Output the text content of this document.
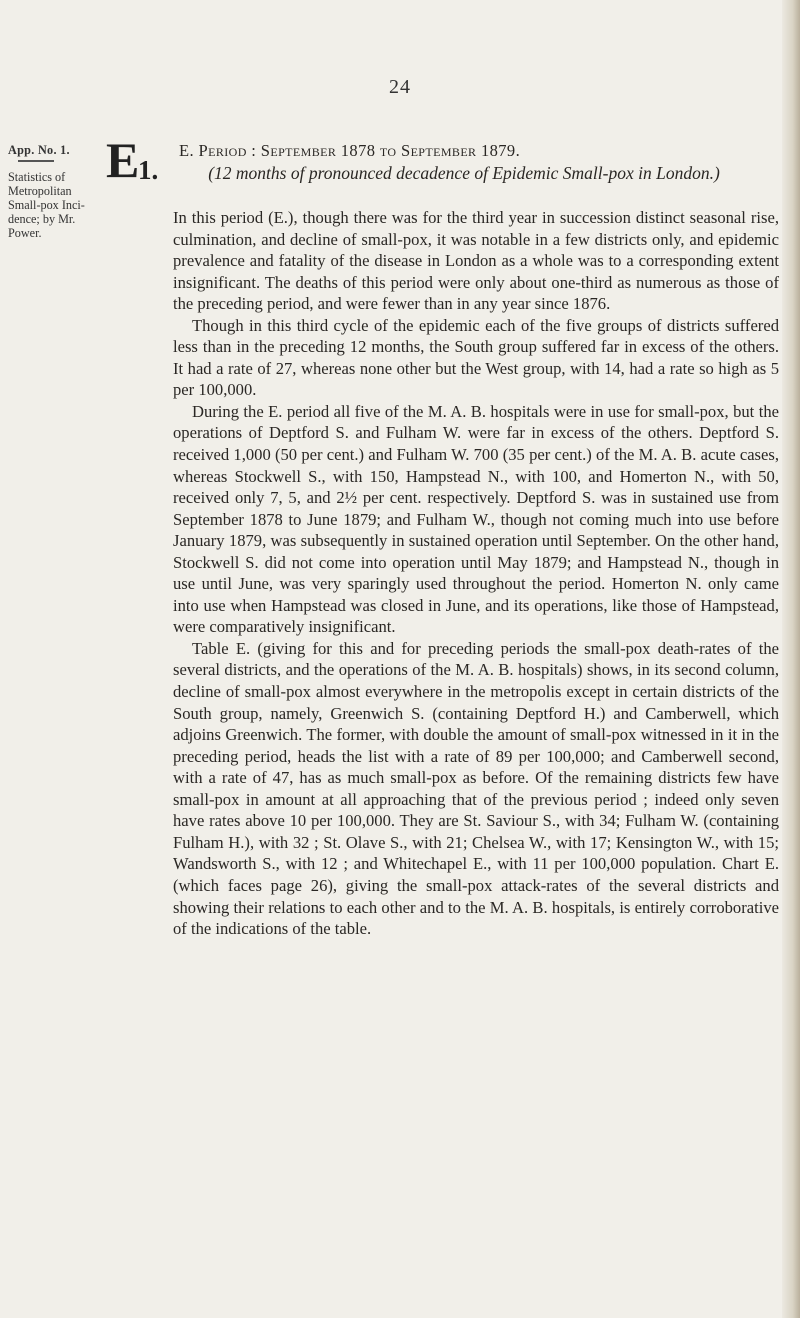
24
App. No. 1.
Statistics of Metropolitan Small-pox Inci-dence; by Mr. Power.
E 1.
E. Period : September 1878 to September 1879.
(12 months of pronounced decadence of Epidemic Small-pox in London.)

In this period (E.), though there was for the third year in succession distinct seasonal rise, culmination, and decline of small-pox, it was notable in a few districts only, and epidemic prevalence and fatality of the disease in London as a whole was to a corresponding extent insignificant. The deaths of this period were only about one-third as numerous as those of the preceding period, and were fewer than in any year since 1876.

Though in this third cycle of the epidemic each of the five groups of districts suffered less than in the preceding 12 months, the South group suffered far in excess of the others. It had a rate of 27, whereas none other but the West group, with 14, had a rate so high as 5 per 100,000.

During the E. period all five of the M. A. B. hospitals were in use for small-pox, but the operations of Deptford S. and Fulham W. were far in excess of the others. Deptford S. received 1,000 (50 per cent.) and Fulham W. 700 (35 per cent.) of the M. A. B. acute cases, whereas Stockwell S., with 150, Hampstead N., with 100, and Homerton N., with 50, received only 7, 5, and 2½ per cent. respectively. Deptford S. was in sustained use from September 1878 to June 1879; and Fulham W., though not coming much into use before January 1879, was subsequently in sustained operation until September. On the other hand, Stockwell S. did not come into operation until May 1879; and Hampstead N., though in use until June, was very sparingly used throughout the period. Homerton N. only came into use when Hampstead was closed in June, and its operations, like those of Hampstead, were comparatively insignificant.

Table E. (giving for this and for preceding periods the small-pox death-rates of the several districts, and the operations of the M. A. B. hospitals) shows, in its second column, decline of small-pox almost everywhere in the metropolis except in certain districts of the South group, namely, Greenwich S. (containing Deptford H.) and Camberwell, which adjoins Greenwich. The former, with double the amount of small-pox witnessed in it in the preceding period, heads the list with a rate of 89 per 100,000; and Camberwell second, with a rate of 47, has as much small-pox as before. Of the remaining districts few have small-pox in amount at all approaching that of the previous period ; indeed only seven have rates above 10 per 100,000. They are St. Saviour S., with 34; Fulham W. (containing Fulham H.), with 32 ; St. Olave S., with 21; Chelsea W., with 17; Kensington W., with 15; Wandsworth S., with 12 ; and Whitechapel E., with 11 per 100,000 population. Chart E. (which faces page 26), giving the small-pox attack-rates of the several districts and showing their relations to each other and to the M. A. B. hospitals, is entirely corroborative of the indications of the table.
